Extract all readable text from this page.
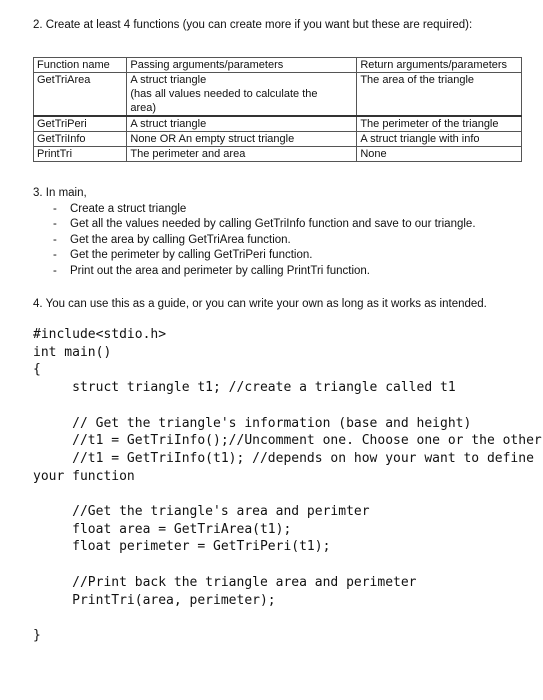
2. Create at least 4 functions (you can create more if you want but these are required):
Function name	Passing arguments/parameters	Return arguments/parameters
GetTriArea	A struct triangle
(has all values needed to calculate the
area)	The area of the triangle
GetTriPeri	A struct triangle	The perimeter of the triangle
GetTriInfo	None OR An empty struct triangle	A struct triangle with info
PrintTri	The perimeter and area	None
3. In main,
- Create a struct triangle
- Get all the values needed by calling GetTriInfo function and save to our triangle.
- Get the area by calling GetTriArea function.
- Get the perimeter by calling GetTriPeri function.
- Print out the area and perimeter by calling PrintTri function.
4. You can use this as a guide, or you can write your own as long as it works as intended.
#include<stdio.h>
int main()
{
struct triangle t1; //create a triangle called t1

// Get the triangle's information (base and height)
//t1 = GetTriInfo();//Uncomment one. Choose one or the other
//t1 = GetTriInfo(t1); //depends on how your want to define
your function

//Get the triangle's area and perimter
float area = GetTriArea(t1);
float perimeter = GetTriPeri(t1);

//Print back the triangle area and perimeter
PrintTri(area, perimeter);

}
